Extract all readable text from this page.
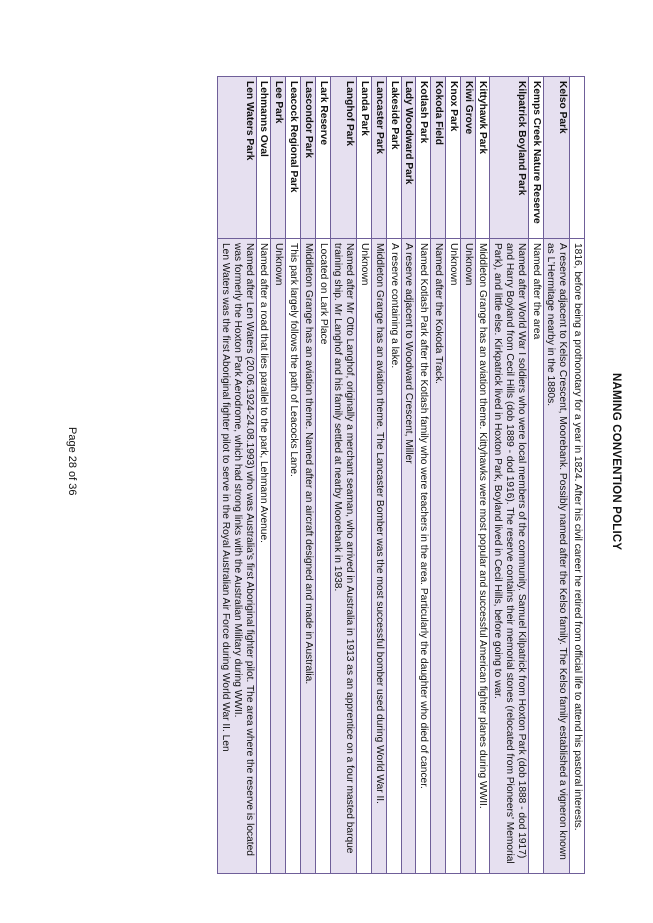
NAMING CONVENTION POLICY
	1816, before being a prothonotary for a year in 1824. After his civil career he retired from official life to attend his pastoral interests.
Kelso Park	A reserve adjacent to Kelso Crescent, Moorebank. Possibly named after the Kelso family. The Kelso family established a vigneron known as L’Hermitage nearby in the 1880s.
Kemps Creek Nature Reserve	Named after the area
Kilpatrick Boyland Park	Named after World War I soldiers who were local members of the community. Samuel Kilpatrick from Hoxton Park (dob 1888 - dod 1917) and Harry Boyland from Cecil Hills (dob 1889 - dod 1916). The reserve contains their memorial stones (relocated from Pioneers' Memorial Park), and little else. Kirkpatrick lived in Hoxton Park, Boyland lived in Cecil Hills, before going to war.
Kittyhawk Park	Middleton Grange has an aviation theme. Kittyhawks were most popular and successful American fighter planes during WWII.
Kiwi Grove	Unknown
Knox Park	Unknown
Kokoda Field	Named after the Kokoda Track.
Kotlash Park	Named Kotlash Park after the Kotlash family who were teachers in the area. Particularly the daughter who died of cancer.
Lady Woodward Park	A reserve adjacent to Woodward Crescent, Miller
Lakeside Park	A reserve containing a lake.
Lancaster Park	Middleton Grange has an aviation theme. The Lancaster Bomber was the most successful bomber used during World War II.
Landa Park	Unknown
Langhof Park	Named after Mr Otto Langhof, originally a merchant seaman, who arrived in Australia in 1913 as an apprentice on a four masted barque training ship. Mr Langhof and his family settled at nearby Moorebank in 1938.
Lark Reserve	Located on Lark Place
Lascondor Park	Middleton Grange has an aviation theme. Named after an aircraft designed and made in Australia.
Leacock Regional Park	This park largely follows the path of Leacocks Lane.
Lee Park	Unknown
Lehmanns Oval	Named after a road that lies parallel to the park, Lehmann Avenue.
Len Waters Park	Named after Len Waters (20.06.1924-24.08.1993) who was Australia's first Aboriginal fighter pilot. The area where the reserve is located was formerly the Hoxton Park Aerodrome, which had strong links with the Australian Military during WWII.
Len Waters was the first Aboriginal fighter pilot to serve in the Royal Australian Air Force during World War II. Len
Page 28 of 36
